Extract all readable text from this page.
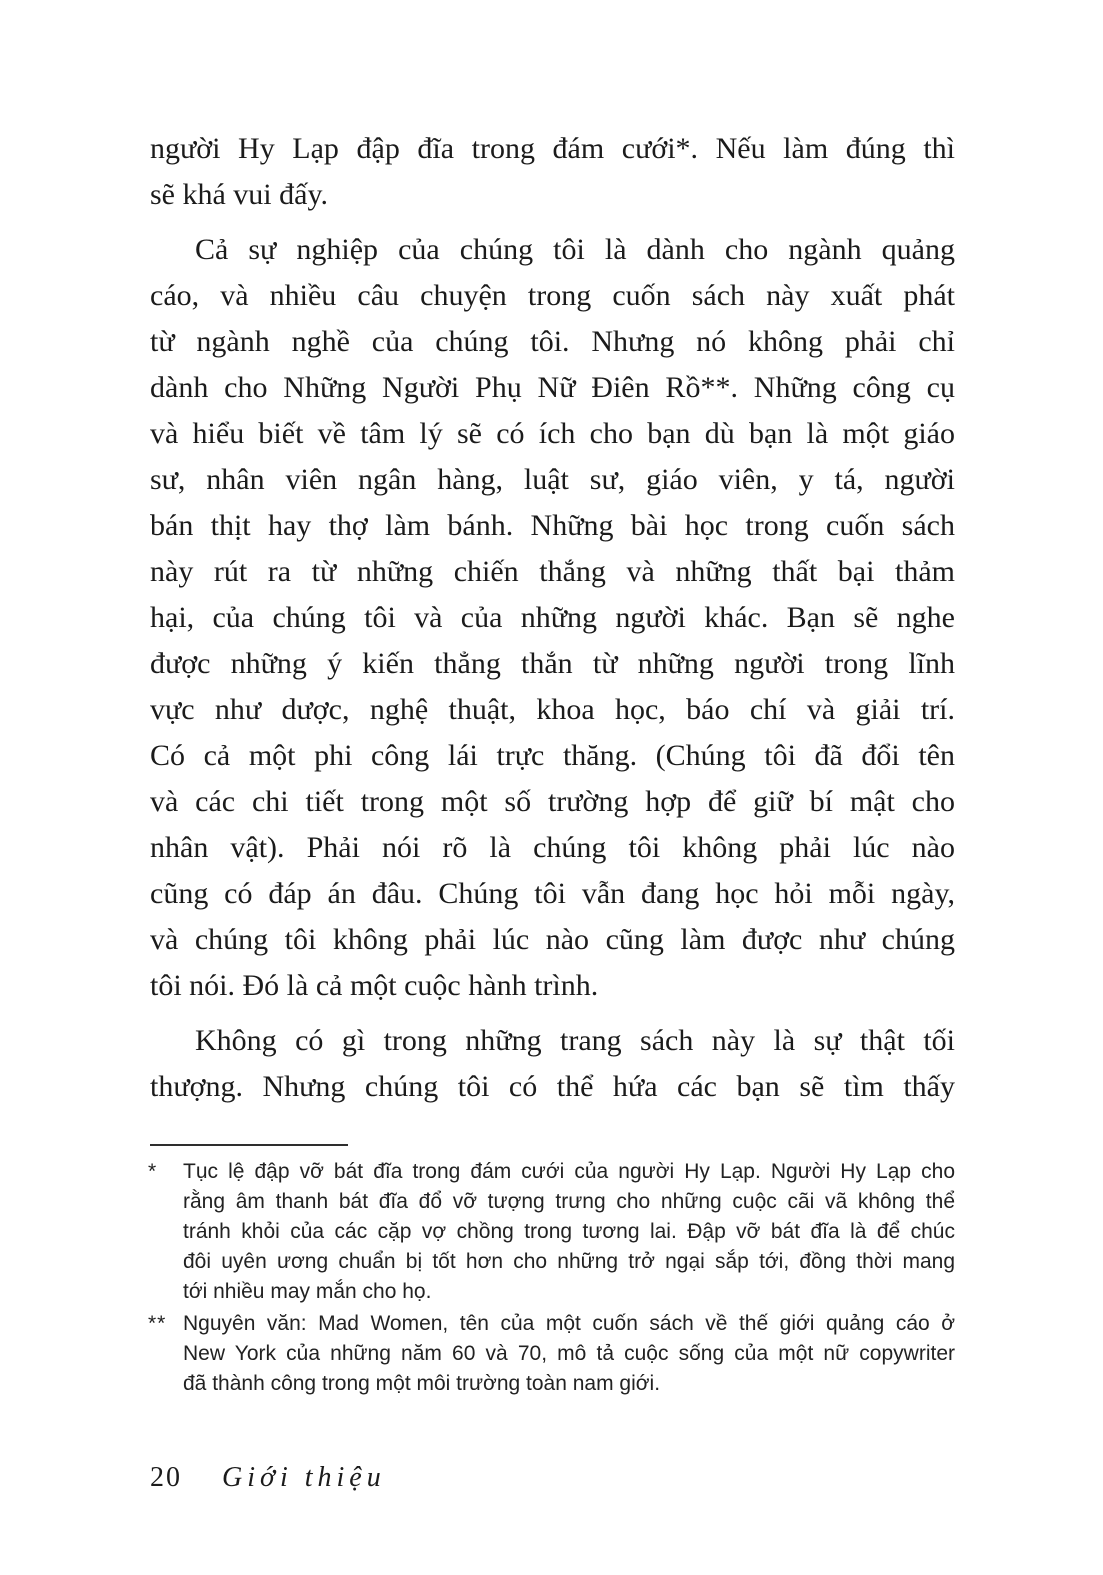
người Hy Lạp đập đĩa trong đám cưới*. Nếu làm đúng thì
sẽ khá vui đấy.
Cả sự nghiệp của chúng tôi là dành cho ngành quảng
cáo, và nhiều câu chuyện trong cuốn sách này xuất phát
từ ngành nghề của chúng tôi. Nhưng nó không phải chỉ
dành cho Những Người Phụ Nữ Điên Rồ**. Những công cụ
và hiểu biết về tâm lý sẽ có ích cho bạn dù bạn là một giáo
sư, nhân viên ngân hàng, luật sư, giáo viên, y tá, người
bán thịt hay thợ làm bánh. Những bài học trong cuốn sách
này rút ra từ những chiến thắng và những thất bại thảm
hại, của chúng tôi và của những người khác. Bạn sẽ nghe
được những ý kiến thẳng thắn từ những người trong lĩnh
vực như dược, nghệ thuật, khoa học, báo chí và giải trí.
Có cả một phi công lái trực thăng. (Chúng tôi đã đổi tên
và các chi tiết trong một số trường hợp để giữ bí mật cho
nhân vật). Phải nói rõ là chúng tôi không phải lúc nào
cũng có đáp án đâu. Chúng tôi vẫn đang học hỏi mỗi ngày,
và chúng tôi không phải lúc nào cũng làm được như chúng
tôi nói. Đó là cả một cuộc hành trình.
Không có gì trong những trang sách này là sự thật tối
thượng. Nhưng chúng tôi có thể hứa các bạn sẽ tìm thấy
*	Tục lệ đập vỡ bát đĩa trong đám cưới của người Hy Lạp. Người Hy Lạp cho
rằng âm thanh bát đĩa đổ vỡ tượng trưng cho những cuộc cãi vã không thể
tránh khỏi của các cặp vợ chồng trong tương lai. Đập vỡ bát đĩa là để chúc
đôi uyên ương chuẩn bị tốt hơn cho những trở ngại sắp tới, đồng thời mang
tới nhiều may mắn cho họ.
** Nguyên văn: Mad Women, tên của một cuốn sách về thế giới quảng cáo ở
New York của những năm 60 và 70, mô tả cuộc sống của một nữ copywriter
đã thành công trong một môi trường toàn nam giới.
20 Giới thiệu
